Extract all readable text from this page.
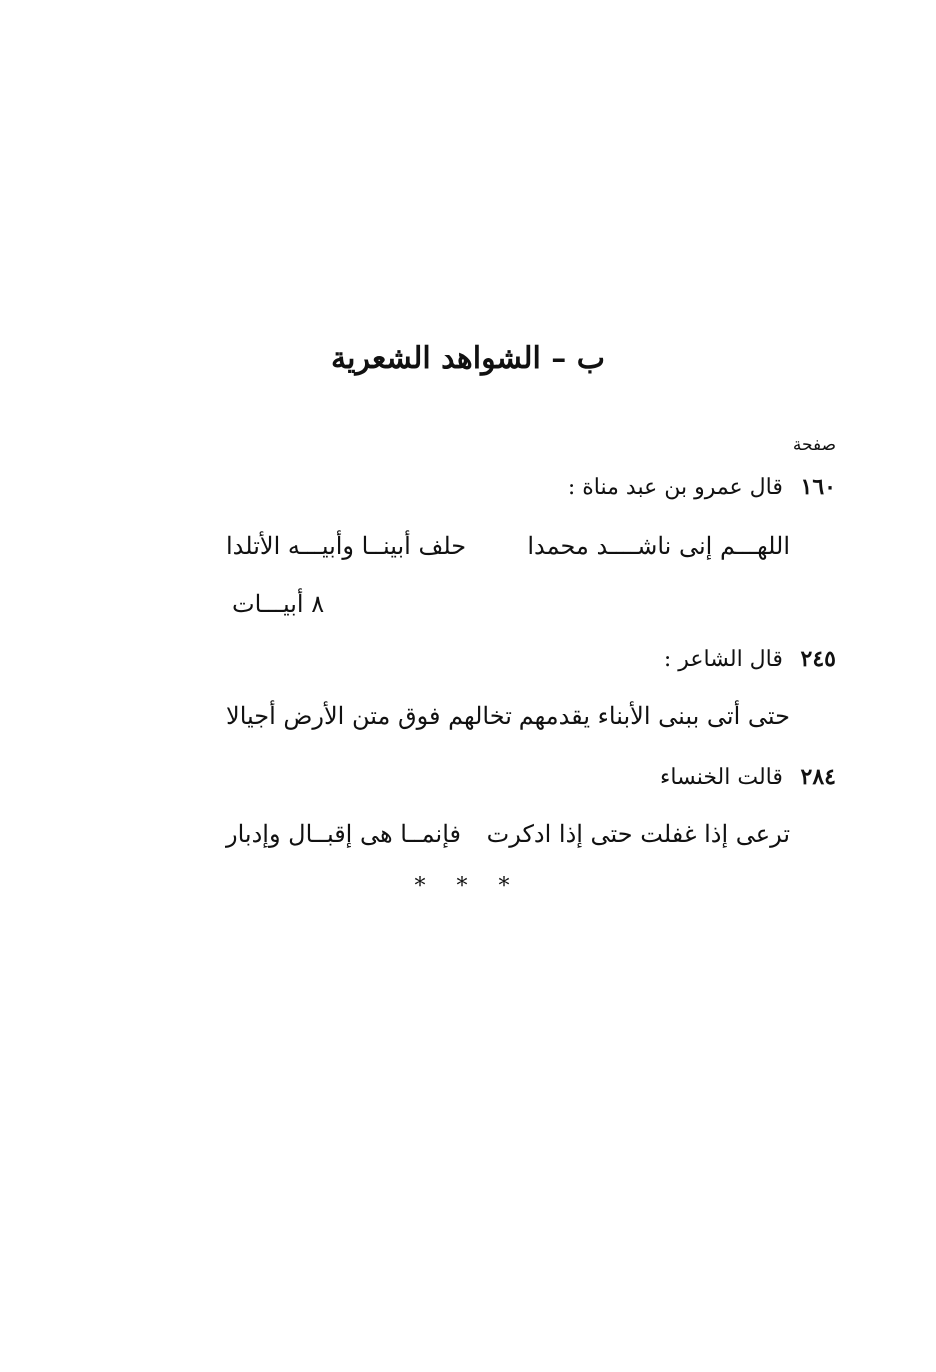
ب – الشواهد الشعرية
صفحة
١٦٠ قال عمرو بن عبد مناة :
اللهـــم إنى ناشــــد محمدا
حلف أبينــا وأبيـــه الأتلدا
٨ أبيـــات
٢٤٥ قال الشاعر :
حتى أتى ببنى الأبناء يقدمهم
تخالهم فوق متن الأرض أجيالا
٢٨٤ قالت الخنساء
ترعى إذا غفلت حتى إذا ادكرت
فإنمــا هى إقبــال وإدبار
* * *
